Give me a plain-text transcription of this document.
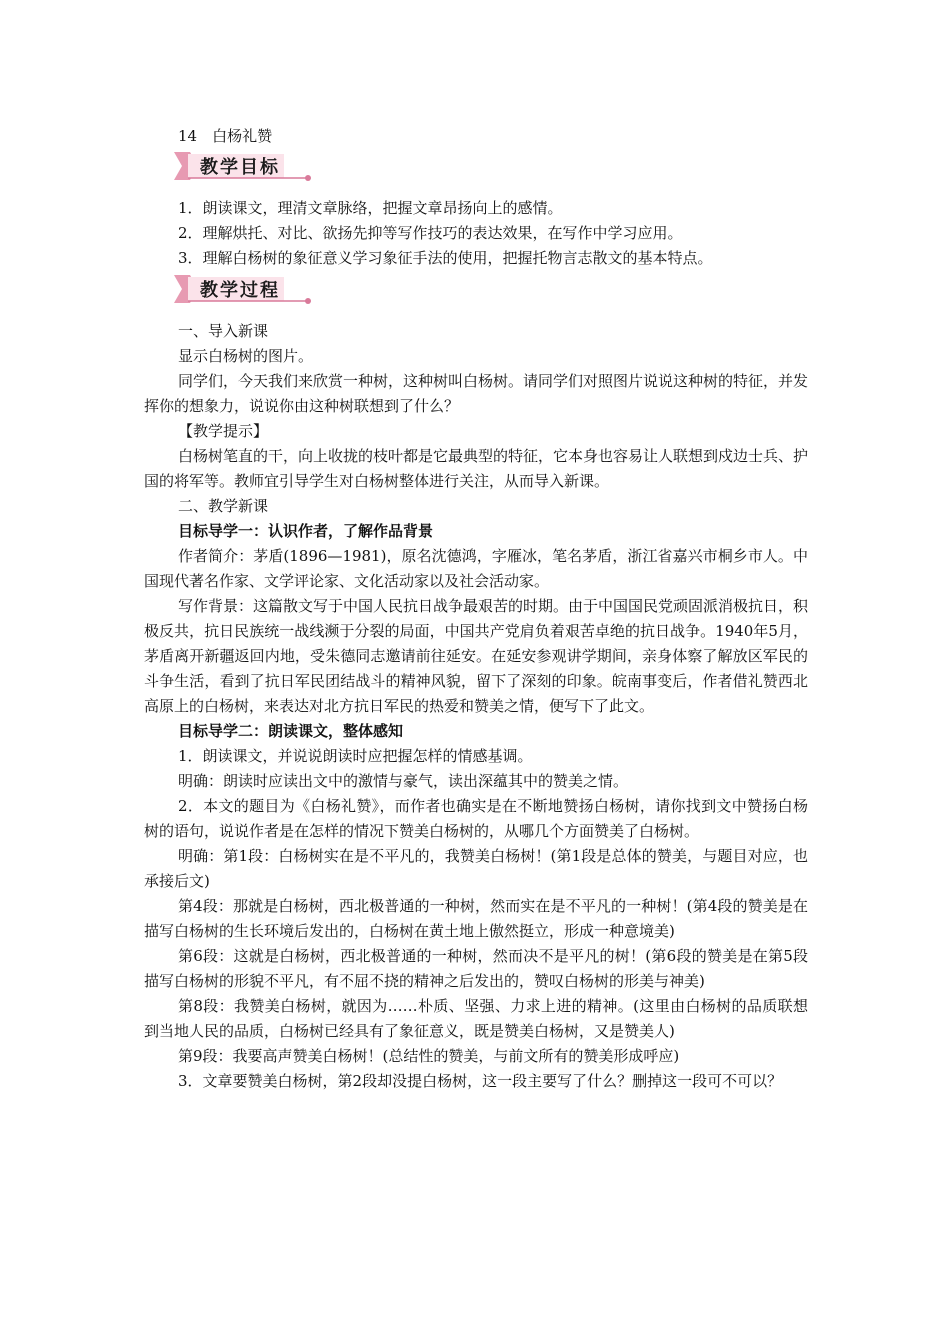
14　白杨礼赞
教学目标
1．朗读课文，理清文章脉络，把握文章昂扬向上的感情。
2．理解烘托、对比、欲扬先抑等写作技巧的表达效果，在写作中学习应用。
3．理解白杨树的象征意义学习象征手法的使用，把握托物言志散文的基本特点。
教学过程

一、导入新课

显示白杨树的图片。

同学们，今天我们来欣赏一种树，这种树叫白杨树。请同学们对照图片说说这种树的特征，并发挥你的想象力，说说你由这种树联想到了什么？

【教学提示】

白杨树笔直的干，向上收拢的枝叶都是它最典型的特征，它本身也容易让人联想到戍边士兵、护国的将军等。教师宜引导学生对白杨树整体进行关注，从而导入新课。

二、教学新课

目标导学一：认识作者，了解作品背景

作者简介：茅盾(1896—1981)，原名沈德鸿，字雁冰，笔名茅盾，浙江省嘉兴市桐乡市人。中国现代著名作家、文学评论家、文化活动家以及社会活动家。

写作背景：这篇散文写于中国人民抗日战争最艰苦的时期。由于中国国民党顽固派消极抗日，积极反共，抗日民族统一战线濒于分裂的局面，中国共产党肩负着艰苦卓绝的抗日战争。1940年5月，茅盾离开新疆返回内地，受朱德同志邀请前往延安。在延安参观讲学期间，亲身体察了解放区军民的斗争生活，看到了抗日军民团结战斗的精神风貌，留下了深刻的印象。皖南事变后，作者借礼赞西北高原上的白杨树，来表达对北方抗日军民的热爱和赞美之情，便写下了此文。

目标导学二：朗读课文，整体感知

1．朗读课文，并说说朗读时应把握怎样的情感基调。

明确：朗读时应读出文中的激情与豪气，读出深蕴其中的赞美之情。

2．本文的题目为《白杨礼赞》，而作者也确实是在不断地赞扬白杨树，请你找到文中赞扬白杨树的语句，说说作者是在怎样的情况下赞美白杨树的，从哪几个方面赞美了白杨树。

明确：第1段：白杨树实在是不平凡的，我赞美白杨树！(第1段是总体的赞美，与题目对应，也承接后文)

第4段：那就是白杨树，西北极普通的一种树，然而实在是不平凡的一种树！(第4段的赞美是在描写白杨树的生长环境后发出的，白杨树在黄土地上傲然挺立，形成一种意境美)

第6段：这就是白杨树，西北极普通的一种树，然而决不是平凡的树！(第6段的赞美是在第5段描写白杨树的形貌不平凡，有不屈不挠的精神之后发出的，赞叹白杨树的形美与神美)

第8段：我赞美白杨树，就因为……朴质、坚强、力求上进的精神。(这里由白杨树的品质联想到当地人民的品质，白杨树已经具有了象征意义，既是赞美白杨树，又是赞美人)

第9段：我要高声赞美白杨树！(总结性的赞美，与前文所有的赞美形成呼应)

3．文章要赞美白杨树，第2段却没提白杨树，这一段主要写了什么？删掉这一段可不可以？
